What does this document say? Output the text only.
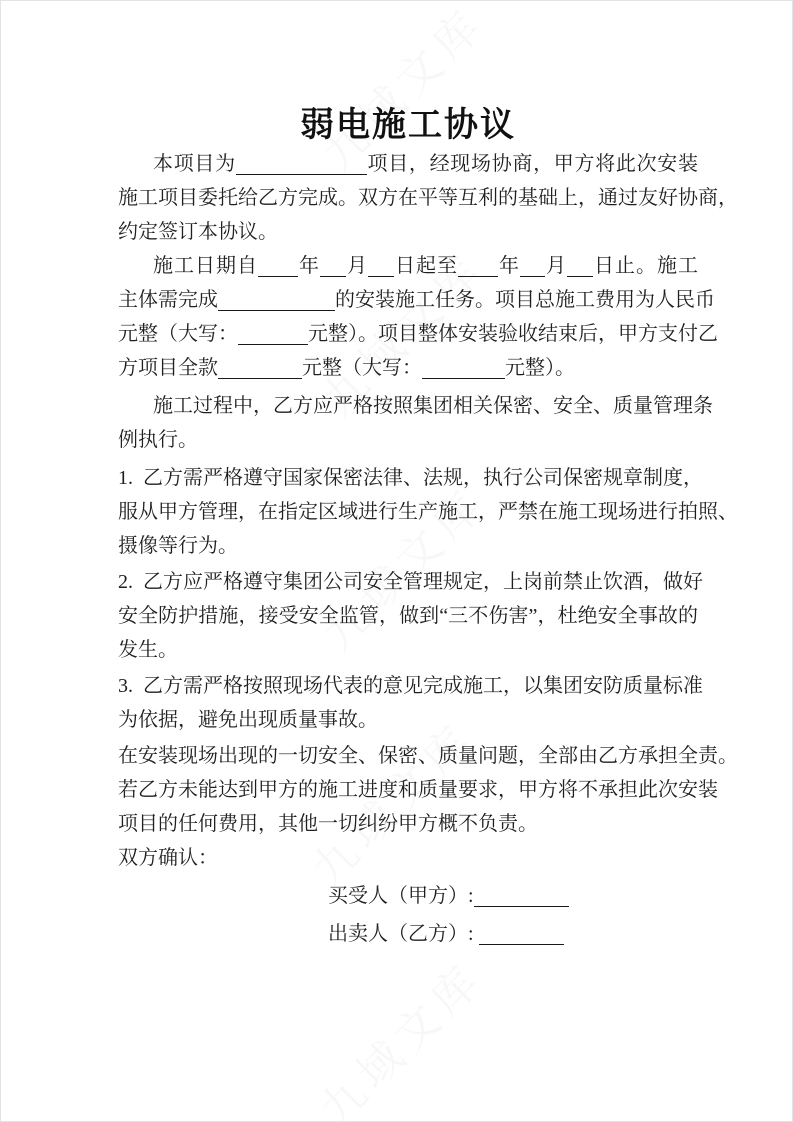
弱电施工协议
本项目为	项目，经现场协商，甲方将此次安装
施工项目委托给乙方完成。双方在平等互利的基础上，通过友好协商，
约定签订本协议。
施工日期自 年 月 日起至 年 月 日止。施工
主体需完成	的安装施工任务。项目总施工费用为人民币
元整（大写：	元整）。项目整体安装验收结束后，甲方支付乙
方项目全款	元整（大写：	元整）。
施工过程中，乙方应严格按照集团相关保密、安全、质量管理条
例执行。
1.  乙方需严格遵守国家保密法律、法规，执行公司保密规章制度，
服从甲方管理，在指定区域进行生产施工，严禁在施工现场进行拍照、
摄像等行为。
2.  乙方应严格遵守集团公司安全管理规定，上岗前禁止饮酒，做好
安全防护措施，接受安全监管，做到“三不伤害”，杜绝安全事故的
发生。
3.  乙方需严格按照现场代表的意见完成施工，以集团安防质量标准
为依据，避免出现质量事故。
在安装现场出现的一切安全、保密、质量问题，全部由乙方承担全责。
若乙方未能达到甲方的施工进度和质量要求，甲方将不承担此次安装
项目的任何费用，其他一切纠纷甲方概不负责。
双方确认：
买受人（甲方）:
出卖人（乙方）:
